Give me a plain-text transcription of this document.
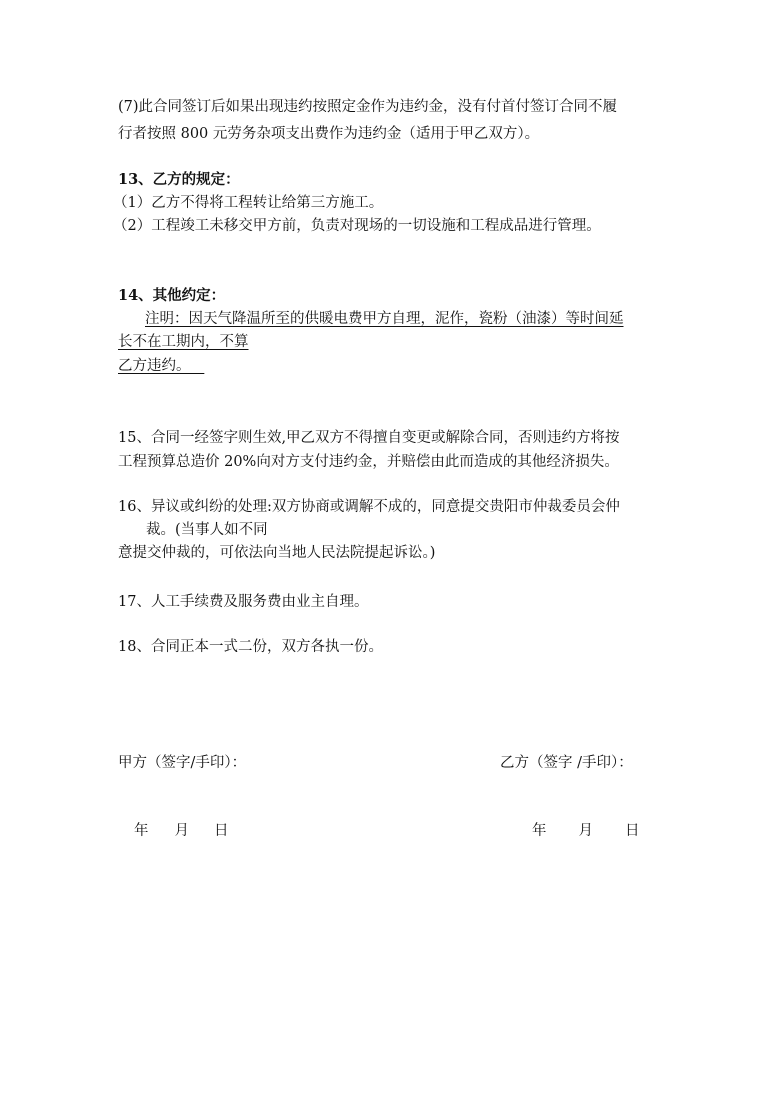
(7)此合同签订后如果出现违约按照定金作为违约金，没有付首付签订合同不履
行者按照 800 元劳务杂项支出费作为违约金（适用于甲乙双方）。
13、乙方的规定：
（1）乙方不得将工程转让给第三方施工。
（2）工程竣工未移交甲方前，负责对现场的一切设施和工程成品进行管理。
14、其他约定：
注明：因天气降温所至的供暖电费甲方自理，泥作，瓷粉（油漆）等时间延
长不在工期内，不算
乙方违约。
15、合同一经签字则生效,甲乙双方不得擅自变更或解除合同，否则违约方将按
工程预算总造价 20%向对方支付违约金，并赔偿由此而造成的其他经济损失。
16、异议或纠纷的处理:双方协商或调解不成的，同意提交贵阳市仲裁委员会仲
裁。(当事人如不同
意提交仲裁的，可依法向当地人民法院提起诉讼。)
17、人工手续费及服务费由业主自理。
18、合同正本一式二份，双方各执一份。
甲方（签字/手印）：	乙方（签字 /手印）：
年 月 日	年 月 日
